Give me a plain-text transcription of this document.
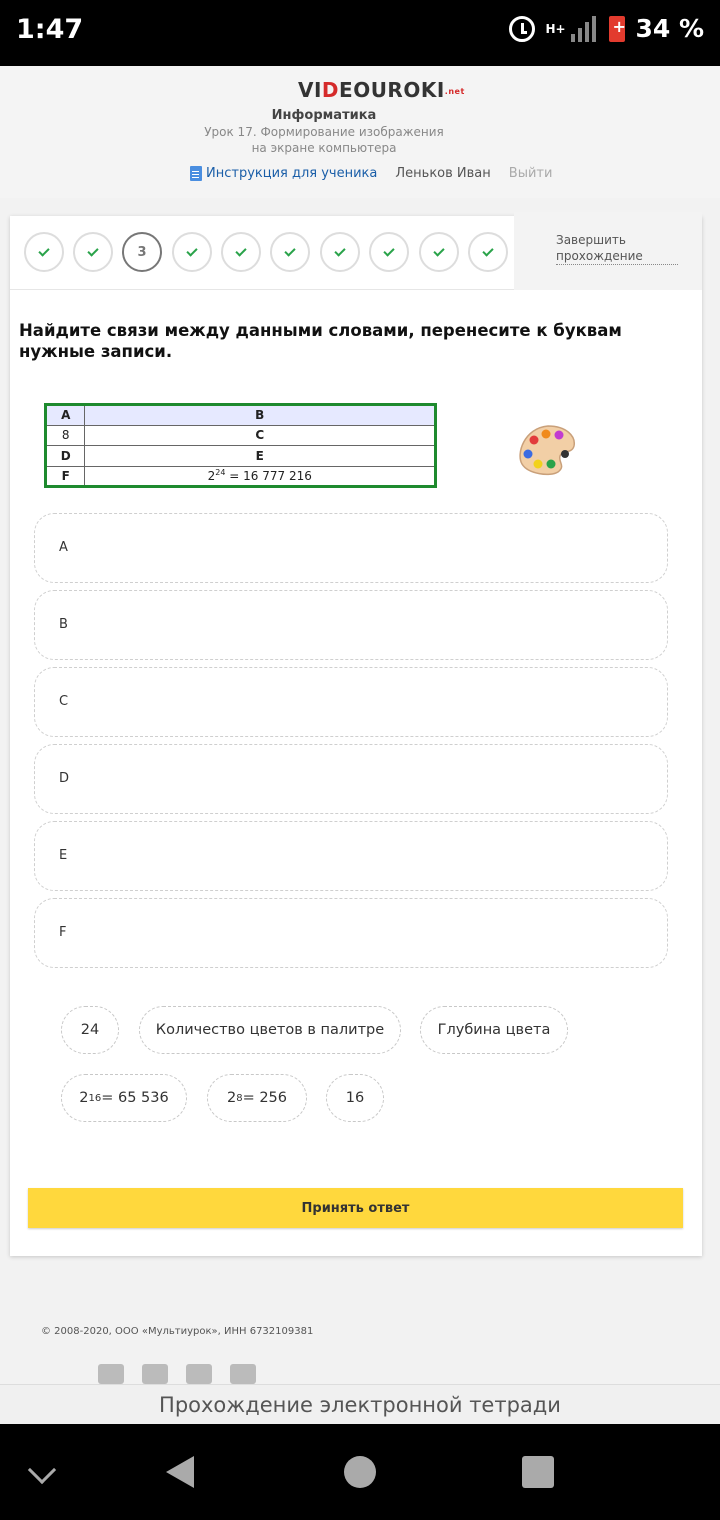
1:47	H+ +	34 %
VIDEOUROKI.net
Информатика
Урок 17. Формирование изображения на экране компьютера
Инструкция для ученика Леньков Иван Выйти
3
Завершить прохождение
Найдите связи между данными словами, перенесите к буквам нужные записи.
A	B
8	C
D	E
F	$2^{24} = 16$ 777 216
A
B
C
D
E
F
24	Количество цветов в палитре	Глубина цвета
2 16 = 65 536	2 8 = 256	16
Принять ответ
© 2008-2020, ООО «Мультиурок», ИНН 6732109381
Прохождение электронной тетради
